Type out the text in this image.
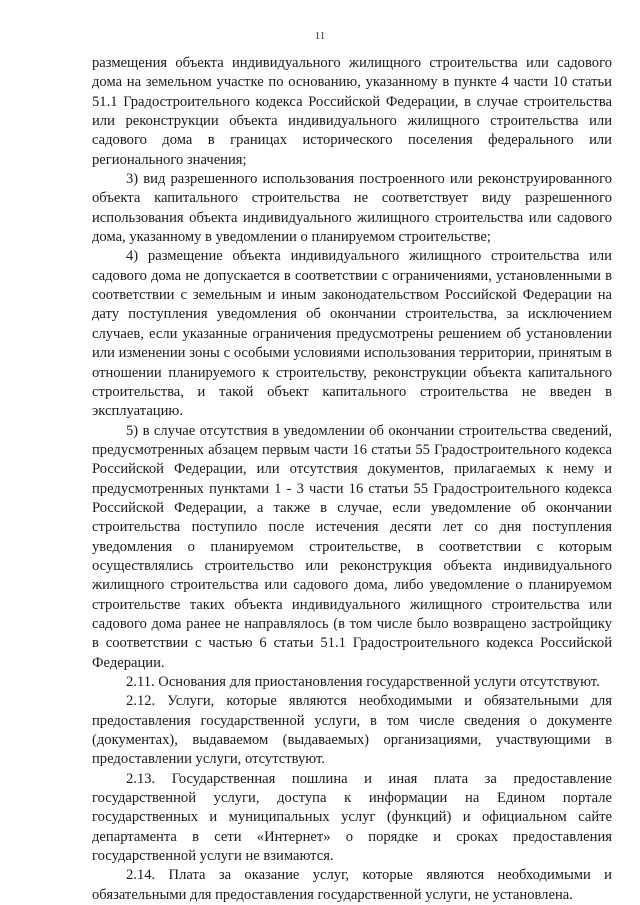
11

размещения объекта индивидуального жилищного строительства или садового дома на земельном участке по основанию, указанному в пункте 4 части 10 статьи 51.1 Градостроительного кодекса Российской Федерации, в случае строительства или реконструкции объекта индивидуального жилищного строительства или садового дома в границах исторического поселения федерального или регионального значения;

3) вид разрешенного использования построенного или реконструированного объекта капитального строительства не соответствует виду разрешенного использования объекта индивидуального жилищного строительства или садового дома, указанному в уведомлении о планируемом строительстве;

4) размещение объекта индивидуального жилищного строительства или садового дома не допускается в соответствии с ограничениями, установленными в соответствии с земельным и иным законодательством Российской Федерации на дату поступления уведомления об окончании строительства, за исключением случаев, если указанные ограничения предусмотрены решением об установлении или изменении зоны с особыми условиями использования территории, принятым в отношении планируемого к строительству, реконструкции объекта капитального строительства, и такой объект капитального строительства не введен в эксплуатацию.

5) в случае отсутствия в уведомлении об окончании строительства сведений, предусмотренных абзацем первым части 16 статьи 55 Градостроительного кодекса Российской Федерации, или отсутствия документов, прилагаемых к нему и предусмотренных пунктами 1 - 3 части 16 статьи 55 Градостроительного кодекса Российской Федерации, а также в случае, если уведомление об окончании строительства поступило после истечения десяти лет со дня поступления уведомления о планируемом строительстве, в соответствии с которым осуществлялись строительство или реконструкция объекта индивидуального жилищного строительства или садового дома, либо уведомление о планируемом строительстве таких объекта индивидуального жилищного строительства или садового дома ранее не направлялось (в том числе было возвращено застройщику в соответствии с частью 6 статьи 51.1 Градостроительного кодекса Российской Федерации.

2.11. Основания для приостановления государственной услуги отсутствуют.

2.12. Услуги, которые являются необходимыми и обязательными для предоставления государственной услуги, в том числе сведения о документе (документах), выдаваемом (выдаваемых) организациями, участвующими в предоставлении услуги, отсутствуют.

2.13. Государственная пошлина и иная плата за предоставление государственной услуги, доступа к информации на Едином портале государственных и муниципальных услуг (функций) и официальном сайте департамента в сети «Интернет» о порядке и сроках предоставления государственной услуги не взимаются.

2.14. Плата за оказание услуг, которые являются необходимыми и обязательными для предоставления государственной услуги, не установлена.
